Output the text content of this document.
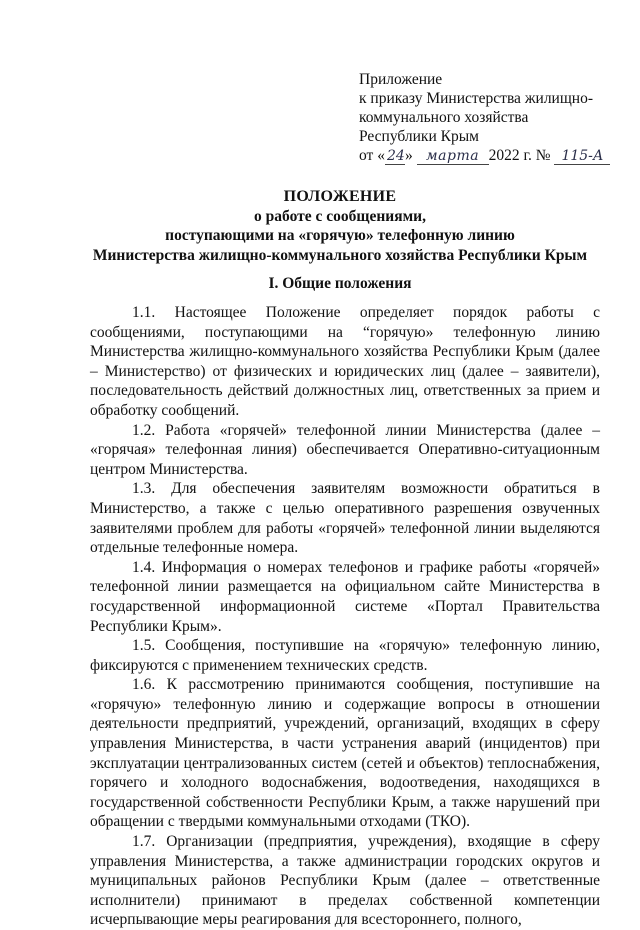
Приложение
к приказу Министерства жилищно-
коммунального хозяйства
Республики Крым
от « 24» марта 2022 г. № 115-А
ПОЛОЖЕНИЕ
о работе с сообщениями,
поступающими на «горячую» телефонную линию
Министерства жилищно-коммунального хозяйства Республики Крым
I. Общие положения

1.1. Настоящее Положение определяет порядок работы с сообщениями, поступающими на “горячую» телефонную линию Министерства жилищно-коммунального хозяйства Республики Крым (далее – Министерство) от физических и юридических лиц (далее – заявители), последовательность действий должностных лиц, ответственных за прием и обработку сообщений.

1.2. Работа «горячей» телефонной линии Министерства (далее – «горячая» телефонная линия) обеспечивается Оперативно-ситуационным центром Министерства.

1.3. Для обеспечения заявителям возможности обратиться в Министерство, а также с целью оперативного разрешения озвученных заявителями проблем для работы «горячей» телефонной линии выделяются отдельные телефонные номера.

1.4. Информация о номерах телефонов и графике работы «горячей» телефонной линии размещается на официальном сайте Министерства в государственной информационной системе «Портал Правительства Республики Крым».

1.5. Сообщения, поступившие на «горячую» телефонную линию, фиксируются с применением технических средств.

1.6. К рассмотрению принимаются сообщения, поступившие на «горячую» телефонную линию и содержащие вопросы в отношении деятельности предприятий, учреждений, организаций, входящих в сферу управления Министерства, в части устранения аварий (инцидентов) при эксплуатации централизованных систем (сетей и объектов) теплоснабжения, горячего и холодного водоснабжения, водоотведения, находящихся в государственной собственности Республики Крым, а также нарушений при обращении с твердыми коммунальными отходами (ТКО).

1.7. Организации (предприятия, учреждения), входящие в сферу управления Министерства, а также администрации городских округов и муниципальных районов Республики Крым (далее – ответственные исполнители) принимают в пределах собственной компетенции исчерпывающие меры реагирования для всестороннего, полного,
